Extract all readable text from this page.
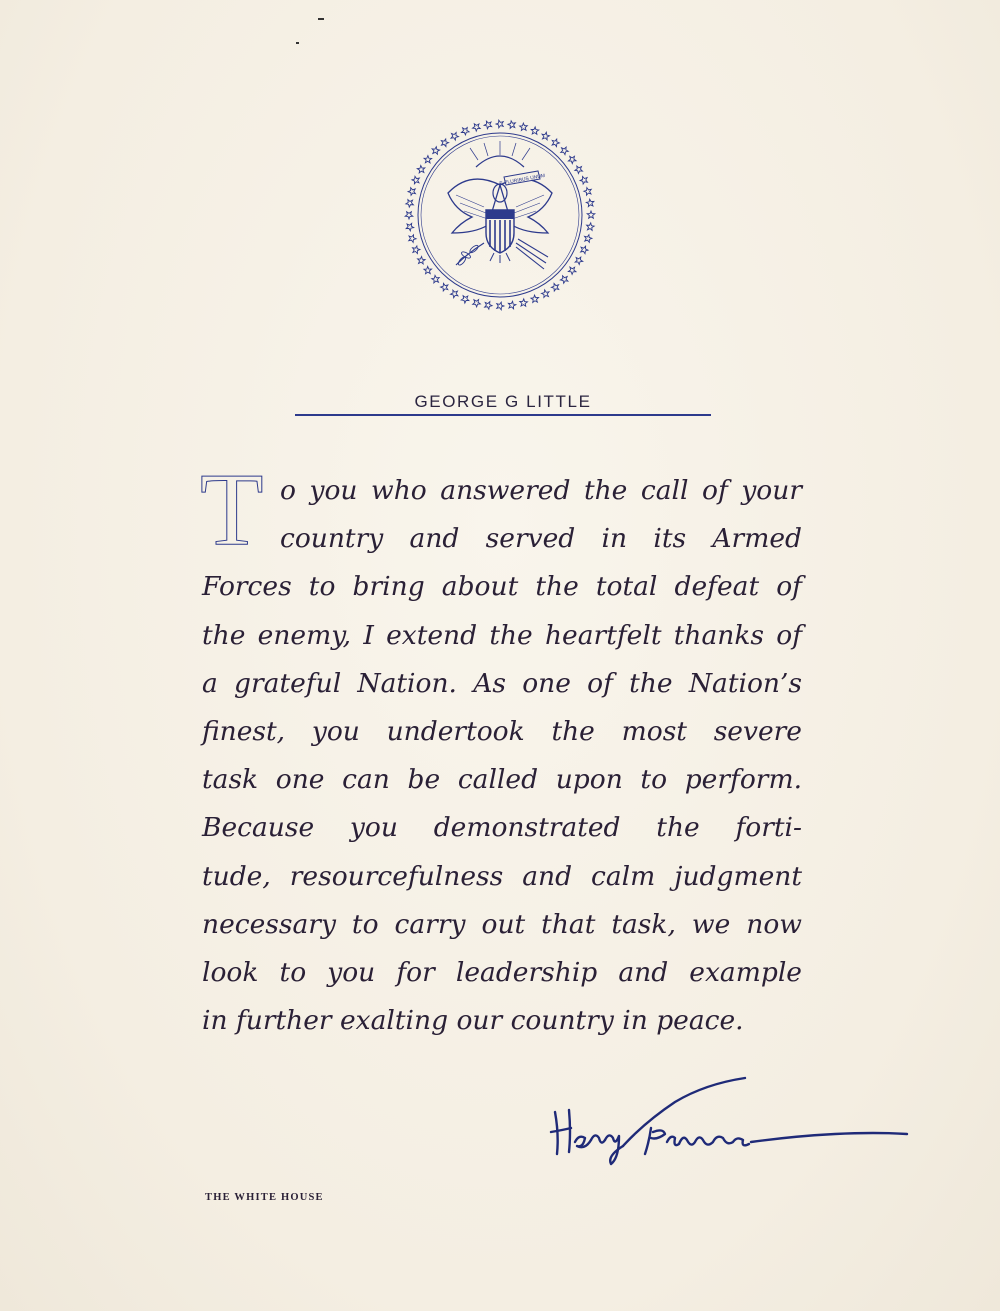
E PLURIBUS UNUM
GEORGE G LITTLE
T o you who answered the call of your
country and served in its Armed
Forces to bring about the total defeat of
the enemy, I extend the heartfelt thanks of
a grateful Nation. As one of the Nation’s
finest, you undertook the most severe
task one can be called upon to perform.
Because you demonstrated the forti-
tude, resourcefulness and calm judgment
necessary to carry out that task, we now
look to you for leadership and example
in further exalting our country in peace.
THE WHITE HOUSE
